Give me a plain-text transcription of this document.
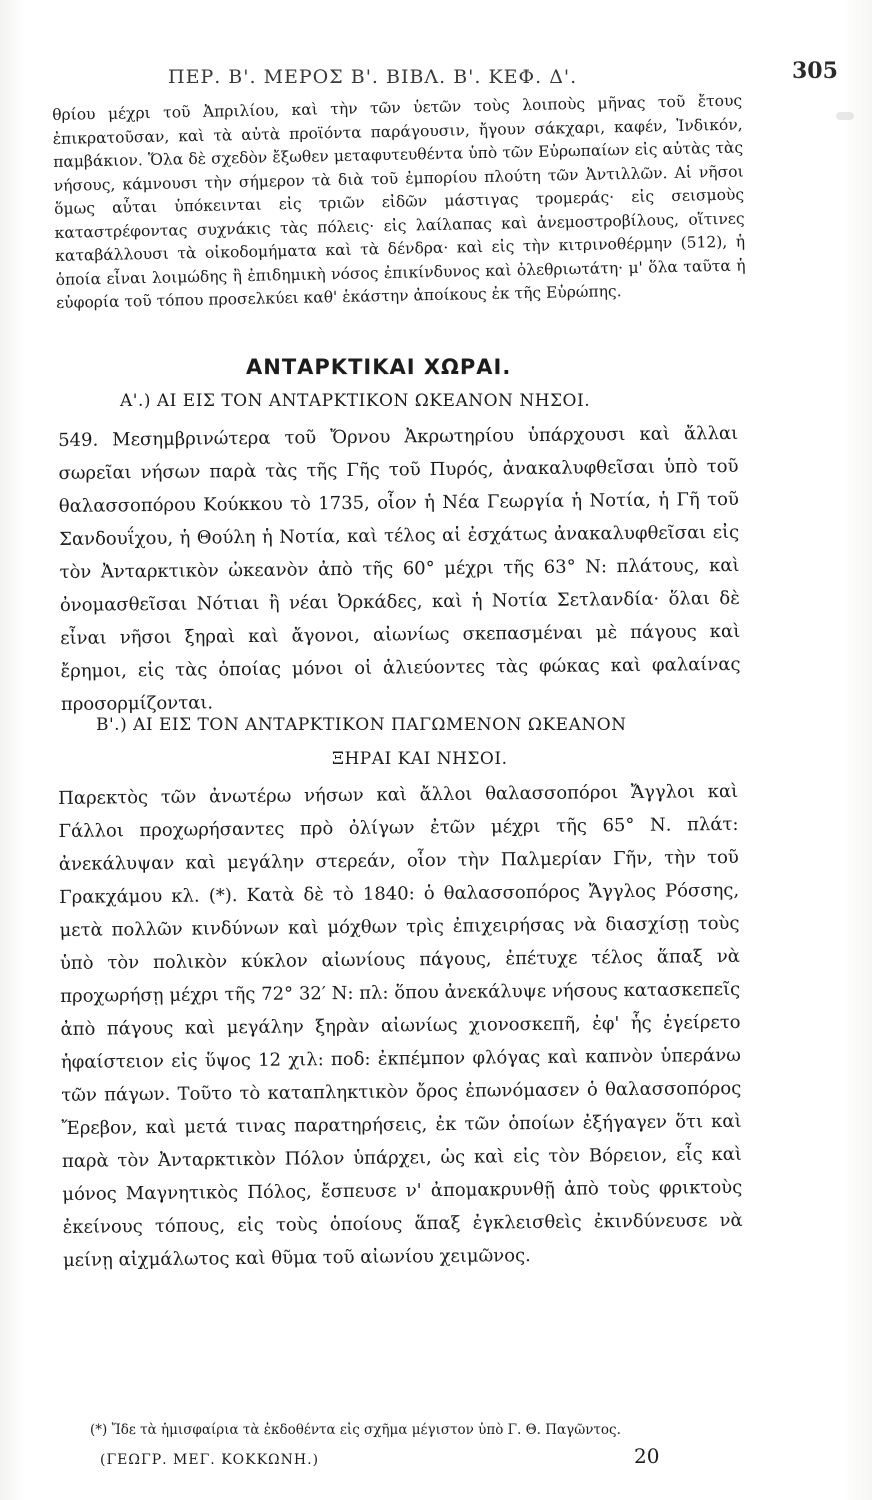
ΠΕΡ. Β'. ΜΕΡΟΣ Β'. ΒΙΒΛ. Β'. ΚΕΦ. Δ'.	305

θρίου μέχρι τοῦ Ἀπριλίου, καὶ τὴν τῶν ὑετῶν τοὺς λοιποὺς μῆνας τοῦ ἔτους ἐπικρατοῦσαν, καὶ τὰ αὐτὰ προϊόντα παράγουσιν, ἤγουν σάκχαρι, καφέν, Ἰνδικόν, παμβάκιον. Ὅλα δὲ σχεδὸν ἔξωθεν μεταφυτευθέντα ὑπὸ τῶν Εὐρωπαίων εἰς αὐτὰς τὰς νήσους, κάμνουσι τὴν σήμερον τὰ διὰ τοῦ ἐμπορίου πλούτη τῶν Ἀντιλλῶν. Αἱ νῆσοι ὅμως αὗται ὑπόκεινται εἰς τριῶν εἰδῶν μάστιγας τρομεράς· εἰς σεισμοὺς καταστρέφοντας συχνάκις τὰς πόλεις· εἰς λαίλαπας καὶ ἀνεμοστροβίλους, οἵτινες καταβάλλουσι τὰ οἰκοδομήματα καὶ τὰ δένδρα· καὶ εἰς τὴν κιτρινοθέρμην (512), ἡ ὁποία εἶναι λοιμώδης ἢ ἐπιδημικὴ νόσος ἐπικίνδυνος καὶ ὀλεθριωτάτη· μ' ὅλα ταῦτα ἡ εὐφορία τοῦ τόπου προσελκύει καθ' ἑκάστην ἀποίκους ἐκ τῆς Εὐρώπης.

ΑΝΤΑΡΚΤΙΚΑΙ ΧΩΡΑΙ.
Α'.) ΑΙ ΕΙΣ ΤΟΝ ΑΝΤΑΡΚΤΙΚΟΝ ΩΚΕΑΝΟΝ ΝΗΣΟΙ.

549. Μεσημβρινώτερα τοῦ Ὄρνου Ἀκρωτηρίου ὑπάρχουσι καὶ ἄλλαι σωρεῖαι νήσων παρὰ τὰς τῆς Γῆς τοῦ Πυρός, ἀνακαλυφθεῖσαι ὑπὸ τοῦ θαλασσοπόρου Κούκκου τὸ 1735, οἷον ἡ Νέα Γεωργία ἡ Νοτία, ἡ Γῆ τοῦ Σανδουΐχου, ἡ Θούλη ἡ Νοτία, καὶ τέλος αἱ ἐσχάτως ἀνακαλυφθεῖσαι εἰς τὸν Ἀνταρκτικὸν ὠκεανὸν ἀπὸ τῆς 60° μέχρι τῆς 63° Ν: πλάτους, καὶ ὀνομασθεῖσαι Νότιαι ἢ νέαι Ὀρκάδες, καὶ ἡ Νοτία Σετλανδία· ὅλαι δὲ εἶναι νῆσοι ξηραὶ καὶ ἄγονοι, αἰωνίως σκεπασμέναι μὲ πάγους καὶ ἔρημοι, εἰς τὰς ὁποίας μόνοι οἱ ἁλιεύοντες τὰς φώκας καὶ φαλαίνας προσορμίζονται.

Β'.) ΑΙ ΕΙΣ ΤΟΝ ΑΝΤΑΡΚΤΙΚΟΝ ΠΑΓΩΜΕΝΟΝ ΩΚΕΑΝΟΝ
ΞΗΡΑΙ ΚΑΙ ΝΗΣΟΙ.

Παρεκτὸς τῶν ἀνωτέρω νήσων καὶ ἄλλοι θαλασσοπόροι Ἄγγλοι καὶ Γάλλοι προχωρήσαντες πρὸ ὀλίγων ἐτῶν μέχρι τῆς 65° Ν. πλάτ: ἀνεκάλυψαν καὶ μεγάλην στερεάν, οἷον τὴν Παλμερίαν Γῆν, τὴν τοῦ Γρακχάμου κλ. (*). Κατὰ δὲ τὸ 1840: ὁ θαλασσοπόρος Ἄγγλος Ρόσσης, μετὰ πολλῶν κινδύνων καὶ μόχθων τρὶς ἐπιχειρήσας νὰ διασχίσῃ τοὺς ὑπὸ τὸν πολικὸν κύκλον αἰωνίους πάγους, ἐπέτυχε τέλος ἅπαξ νὰ προχωρήσῃ μέχρι τῆς 72° 32′ Ν: πλ: ὅπου ἀνεκάλυψε νήσους κατασκεπεῖς ἀπὸ πάγους καὶ μεγάλην ξηρὰν αἰωνίως χιονοσκεπῆ, ἐφ' ἧς ἐγείρετο ἡφαίστειον εἰς ὕψος 12 χιλ: ποδ: ἐκπέμπον φλόγας καὶ καπνὸν ὑπεράνω τῶν πάγων. Τοῦτο τὸ καταπληκτικὸν ὄρος ἐπωνόμασεν ὁ θαλασσοπόρος Ἔρεβον, καὶ μετά τινας παρατηρήσεις, ἐκ τῶν ὁποίων ἐξήγαγεν ὅτι καὶ παρὰ τὸν Ἀνταρκτικὸν Πόλον ὑπάρχει, ὡς καὶ εἰς τὸν Βόρειον, εἷς καὶ μόνος Μαγνητικὸς Πόλος, ἔσπευσε ν' ἀπομακρυνθῇ ἀπὸ τοὺς φρικτοὺς ἐκείνους τόπους, εἰς τοὺς ὁποίους ἅπαξ ἐγκλεισθεὶς ἐκινδύνευσε νὰ μείνῃ αἰχμάλωτος καὶ θῦμα τοῦ αἰωνίου χειμῶνος.

(*) Ἴδε τὰ ἡμισφαίρια τὰ ἐκδοθέντα εἰς σχῆμα μέγιστον ὑπὸ Γ. Θ. Παγῶντος.
(ΓΕΩΓΡ. ΜΕΓ. ΚΟΚΚΩΝΗ.)	20
